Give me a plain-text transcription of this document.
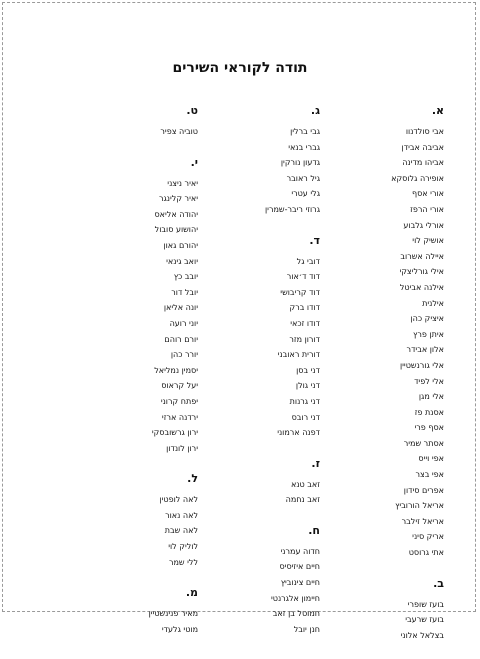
תודה לקוראי השירים
א.
אבי סולדנוו
אביבה אבידן
אביהו מדינה
אופירה גלוסקא
אורי אסף
אורי הרפז
אורלי גלבוע
אושיק לוי
איילה אשרוב
אילי גורליצקי
אילנה אביטל
אילנית
איציק כהן
איתן פרץ
אלון אבידר
אלי גורנשטיין
אלי לפיד
אלי מגן
אסנת פז
אסף פרי
אסתר שמיר
אפי וייס
אפי בצר
אפרים סידון
אריאל הורוביץ
אריאל זילבר
אריק סיני
אתי גרוסט
ב.
בועז שופרי
בועז שרעבי
בצלאל אלוני
ג.
גבי ברלין
גברי בנאי
גדעון נורקין
גיל ראובר
גלי עטרי
גרוזי ריבר-שמרין
ד.
דובי גל
דוד ד׳אור
דוד קריבושי
דודו ברק
דודו זכאי
דורון מזר
דורית ראובני
דני בסן
דני גולן
דני גרנות
דני רובס
דפנה ארמוני
ז.
זאב טנא
זאב נחמה
ח.
חדוה עמרני
חיים איזיסיס
חיים צינוביץ
חיימון אלגרנטי
חמוטל בן זאב
חנן יובל
ט.
טוביה צפיר
י.
יאיר ניצני
יאיר קלינגר
יהודה אליאס
יהושוע סובול
יהורם גאון
יואב גינאי
יובב כץ
יובל דור
יונה אליאן
יוני רועה
יורם רוהם
יורר כהן
יסמין נמליאל
יעל קראוס
יפתח קרוני
ירדנה ארזי
ירון גרשובסקי
ירון לונדון
ל.
לאה לופטין
לאה נאור
לאה שבת
לוליק לוי
ללי שמר
מ.
מאיר פנינשטיין
מוטי גלעדי
